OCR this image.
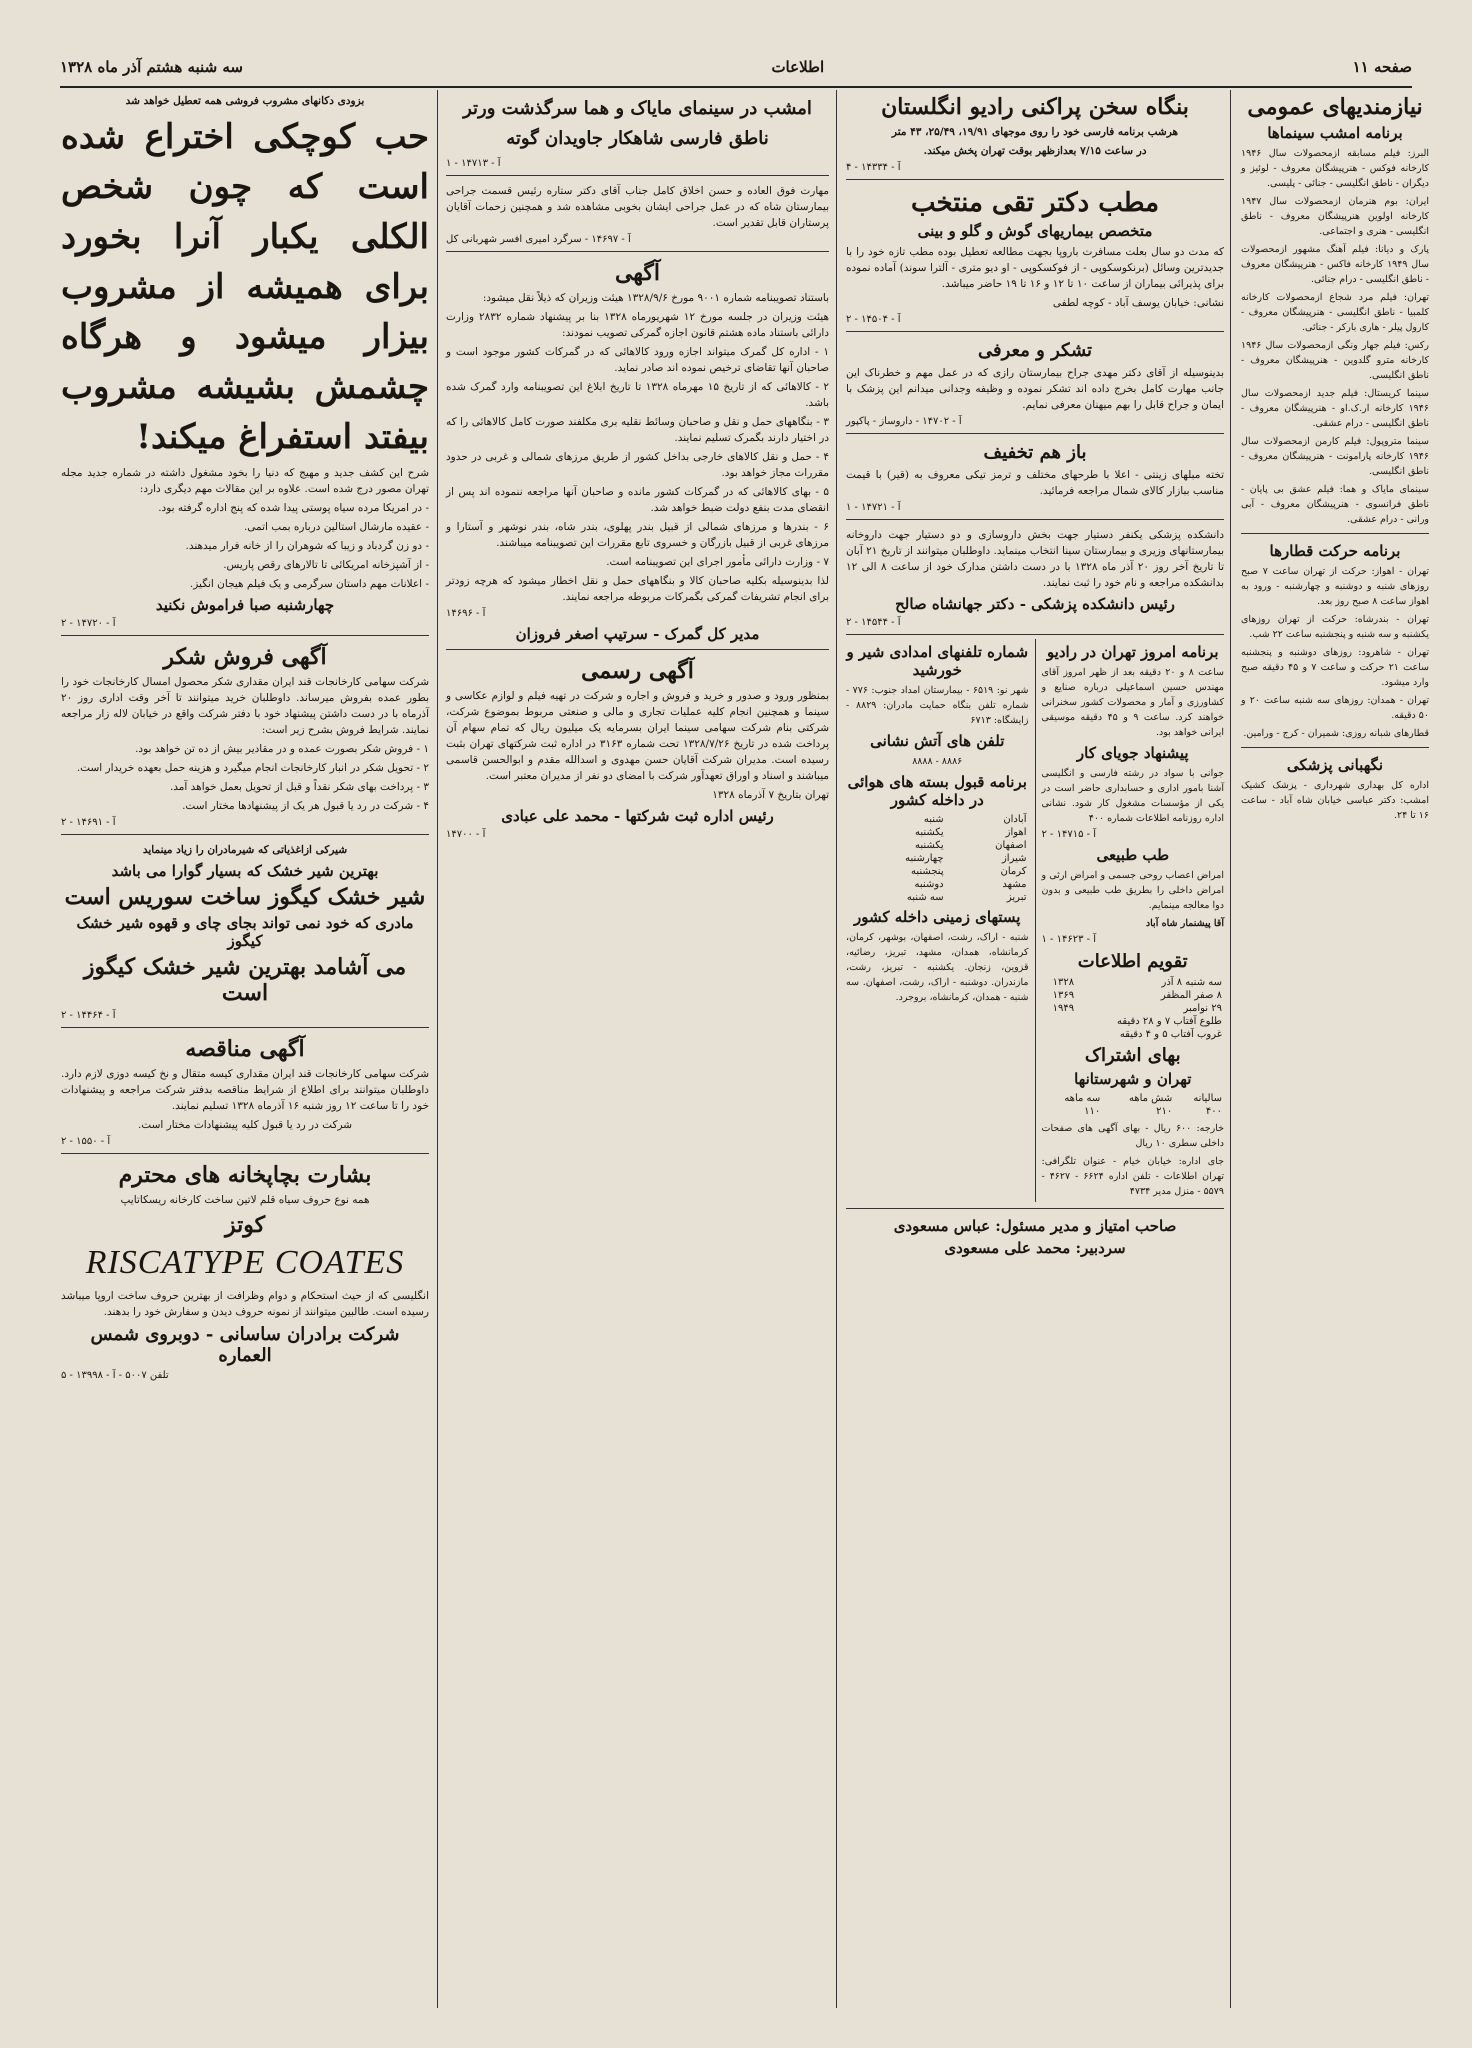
صفحه ۱۱
اطلاعات
سه شنبه هشتم آذر ماه ۱۳۲۸
نیازمندیهای عمومی
برنامه امشب سینماها
البرز: فیلم مسابقه ازمحصولات سال ۱۹۴۶ کارخانه فوکس - هنرپیشگان معروف - لوئیز و دیگران - ناطق انگلیسی - جنائی - پلیسی.
ایران: بوم هنرمان ازمحصولات سال ۱۹۴۷ کارخانه اولوین هنرپیشگان معروف - ناطق انگلیسی - هنری و اجتماعی.
پارک و دیانا: فیلم آهنگ مشهور ازمحصولات سال ۱۹۴۹ کارخانه فاکس - هنرپیشگان معروف - ناطق انگلیسی - درام جنائی.
تهران: فیلم مرد شجاع ازمحصولات کارخانه کلمبیا - ناطق انگلیسی - هنرپیشگان معروف - کارول پیلر - هاری بارکر - جنائی.
رکس: فیلم جهار ونگی ازمحصولات سال ۱۹۴۶ کارخانه مترو گلدوین - هنرپیشگان معروف - ناطق انگلیسی.
سینما کریستال: فیلم جدید ازمحصولات سال ۱۹۴۶ کارخانه ار.ک.او - هنرپیشگان معروف - ناطق انگلیسی - درام عشقی.
سینما متروپول: فیلم کارمن ازمحصولات سال ۱۹۴۶ کارخانه پارامونت - هنرپیشگان معروف - ناطق انگلیسی.
سینمای مایاک و هما: فیلم عشق بی پایان - ناطق فرانسوی - هنرپیشگان معروف - آبی ورانی - درام عشقی.
برنامه حرکت قطارها
تهران - اهواز: حرکت از تهران ساعت ۷ صبح روزهای شنبه و دوشنبه و چهارشنبه - ورود به اهواز ساعت ۸ صبح روز بعد.
تهران - بندرشاه: حرکت از تهران روزهای یکشنبه و سه شنبه و پنجشنبه ساعت ۲۲ شب.
تهران - شاهرود: روزهای دوشنبه و پنجشنبه ساعت ۲۱ حرکت و ساعت ۷ و ۴۵ دقیقه صبح وارد میشود.
تهران - همدان: روزهای سه شنبه ساعت ۲۰ و ۵۰ دقیقه.
قطارهای شبانه روزی: شمیران - کرج - ورامین.
نگهبانی پزشکی
اداره کل بهداری شهرداری - پزشک کشیک امشب: دکتر عباسی خیابان شاه آباد - ساعت ۱۶ تا ۲۴.
بنگاه سخن پراکنی رادیو انگلستان
هرشب برنامه فارسی خود را روی موجهای ۱۹/۹۱، ۲۵/۴۹، ۴۳ متر
در ساعت ۷/۱۵ بعدازظهر بوقت تهران پخش میکند.
آ - ۱۴۳۳۴ - ۴
مطب دکتر تقی منتخب
متخصص بیماریهای گوش و گلو و بینی
که مدت دو سال بعلت مسافرت باروپا بجهت مطالعه تعطیل بوده مطب تازه خود را با جدیدترین وسائل (برنکوسکوپی - از فوکسکوپی - او دیو متری - آلترا سوند) آماده نموده برای پذیرائی بیماران از ساعت ۱۰ تا ۱۲ و ۱۶ تا ۱۹ حاضر میباشد.
نشانی: خیابان یوسف آباد - کوچه لطفی
آ - ۱۴۵۰۴ - ۲
تشکر و معرفی
بدینوسیله از آقای دکتر مهدی جراح بیمارستان رازی که در عمل مهم و خطرناک این جانب مهارت کامل بخرج داده اند تشکر نموده و وظیفه وجدانی میدانم این پزشک با ایمان و جراح قابل را بهم میهنان معرفی نمایم.
آ - ۱۴۷۰۲ - داروساز - پاکپور
باز هم تخفیف
تخته مبلهای زینتی - اعلا با طرحهای مختلف و ترمز تیکی معروف به (قیر) با قیمت مناسب ببازار کالای شمال مراجعه فرمائید.
آ - ۱۴۷۲۱ - ۱
دانشکده پزشکی یکنفر دستیار جهت بخش داروسازی و دو دستیار جهت داروخانه بیمارستانهای وزیری و بیمارستان سینا انتخاب مینماید. داوطلبان میتوانند از تاریخ ۲۱ آبان تا تاریخ آخر روز ۲۰ آذر ماه ۱۳۲۸ با در دست داشتن مدارک خود از ساعت ۸ الی ۱۲ بدانشکده مراجعه و نام خود را ثبت نمایند.
رئیس دانشکده پزشکی - دکتر جهانشاه صالح
آ - ۱۴۵۴۴ - ۲
برنامه امروز تهران در رادیو
ساعت ۸ و ۲۰ دقیقه بعد از ظهر امروز آقای مهندس حسین اسماعیلی درباره صنایع و کشاورزی و آمار و محصولات کشور سخنرانی خواهند کرد. ساعت ۹ و ۴۵ دقیقه موسیقی ایرانی خواهد بود.
پیشنهاد جویای کار
جوانی با سواد در رشته فارسی و انگلیسی آشنا بامور اداری و حسابداری حاضر است در یکی از مؤسسات مشغول کار شود. نشانی اداره روزنامه اطلاعات شماره ۴۰۰
آ - ۱۴۷۱۵ - ۲
طب طبیعی
امراض اعصاب روحی جسمی و امراض ارثی و امراض داخلی را بطریق طب طبیعی و بدون دوا معالجه مینمایم.
آقا پیشنمار شاه آباد
آ - ۱۴۶۲۳ - ۱
تقویم اطلاعات
سه شنبه ۸ آذر	۱۳۲۸
۸ صفر المظفر	۱۳۶۹
۲۹ نوامبر	۱۹۴۹
طلوع آفتاب ۷ و ۲۸ دقیقه	
غروب آفتاب ۵ و ۴ دقیقه	
بهای اشتراک
تهران و شهرستانها
سالیانه	شش ماهه	سه ماهه
۴۰۰	۲۱۰	۱۱۰
خارجه: ۶۰۰ ریال - بهای آگهی های صفحات داخلی سطری ۱۰ ریال
جای اداره: خیابان خیام - عنوان تلگرافی: تهران اطلاعات - تلفن اداره ۶۶۲۴ - ۴۶۲۷ - ۵۵۷۹ - منزل مدیر ۴۷۳۴
شماره تلفنهای امدادی شیر و خورشید
شهر نو: ۶۵۱۹ - بیمارستان امداد جنوب: ۷۷۶ - شماره تلفن بنگاه حمایت مادران: ۸۸۲۹ - زایشگاه: ۶۷۱۳
تلفن های آتش نشانی
۸۸۸۶ - ۸۸۸۸
برنامه قبول بسته های هوائی در داخله کشور
آبادان	شنبه
اهواز	یکشنبه
اصفهان	یکشنبه
شیراز	چهارشنبه
کرمان	پنجشنبه
مشهد	دوشنبه
تبریز	سه شنبه
پستهای زمینی داخله کشور
شنبه - اراک، رشت، اصفهان، بوشهر، کرمان، کرمانشاه، همدان، مشهد، تبریز، رضائیه، قزوین، زنجان. یکشنبه - تبریز، رشت، مازندران. دوشنبه - اراک، رشت، اصفهان. سه شنبه - همدان، کرمانشاه، بروجرد.
صاحب امتیاز و مدیر مسئول: عباس مسعودی
سردبیر: محمد علی مسعودی
امشب در سینمای مایاک و هما سرگذشت ورتر ناطق فارسی شاهکار جاویدان گوته
آ - ۱۴۷۱۳ - ۱
مهارت فوق العاده و حسن اخلاق کامل جناب آقای دکتر ستاره رئیس قسمت جراحی بیمارستان شاه که در عمل جراحی ایشان بخوبی مشاهده شد و همچنین زحمات آقایان پرستاران قابل تقدیر است.
آ - ۱۴۶۹۷ - سرگرد امیری افسر شهربانی کل
آگهی
باستناد تصویبنامه شماره ۹۰۰۱ مورخ ۱۳۲۸/۹/۶ هیئت وزیران که ذیلاً نقل میشود:
هیئت وزیران در جلسه مورخ ۱۲ شهریورماه ۱۳۲۸ بنا بر پیشنهاد شماره ۲۸۳۲ وزارت دارائی باستناد ماده هشتم قانون اجازه گمرکی تصویب نمودند:
۱ - اداره کل گمرک میتواند اجازه ورود کالاهائی که در گمرکات کشور موجود است و صاحبان آنها تقاضای ترخیص نموده اند صادر نماید.
۲ - کالاهائی که از تاریخ ۱۵ مهرماه ۱۳۲۸ تا تاریخ ابلاغ این تصویبنامه وارد گمرک شده باشد.
۳ - بنگاههای حمل و نقل و صاحبان وسائط نقلیه بری مکلفند صورت کامل کالاهائی را که در اختیار دارند بگمرک تسلیم نمایند.
۴ - حمل و نقل کالاهای خارجی بداخل کشور از طریق مرزهای شمالی و غربی در حدود مقررات مجاز خواهد بود.
۵ - بهای کالاهائی که در گمرکات کشور مانده و صاحبان آنها مراجعه ننموده اند پس از انقضای مدت بنفع دولت ضبط خواهد شد.
۶ - بندرها و مرزهای شمالی از قبیل بندر پهلوی، بندر شاه، بندر نوشهر و آستارا و مرزهای غربی از قبیل بازرگان و خسروی تابع مقررات این تصویبنامه میباشند.
۷ - وزارت دارائی مأمور اجرای این تصویبنامه است.
لذا بدینوسیله بکلیه صاحبان کالا و بنگاههای حمل و نقل اخطار میشود که هرچه زودتر برای انجام تشریفات گمرکی بگمرکات مربوطه مراجعه نمایند.
آ - ۱۴۶۹۶
مدیر کل گمرک - سرتیپ اصغر فروزان
آگهی رسمی
بمنظور ورود و صدور و خرید و فروش و اجاره و شرکت در تهیه فیلم و لوازم عکاسی و سینما و همچنین انجام کلیه عملیات تجاری و مالی و صنعتی مربوط بموضوع شرکت، شرکتی بنام شرکت سهامی سینما ایران بسرمایه یک میلیون ریال که تمام سهام آن پرداخت شده در تاریخ ۱۳۲۸/۷/۲۶ تحت شماره ۳۱۶۳ در اداره ثبت شرکتهای تهران بثبت رسیده است. مدیران شرکت آقایان حسن مهدوی و اسدالله مقدم و ابوالحسن قاسمی میباشند و اسناد و اوراق تعهدآور شرکت با امضای دو نفر از مدیران معتبر است.
تهران بتاریخ ۷ آذرماه ۱۳۲۸
رئیس اداره ثبت شرکتها - محمد علی عبادی
آ - ۱۴۷۰۰
بزودی دکانهای مشروب فروشی همه تعطیل خواهد شد
حب کوچکی اختراع شده است که چون شخص الکلی یکبار آنرا بخورد برای همیشه از مشروب بیزار میشود و هرگاه چشمش بشیشه مشروب بیفتد استفراغ میکند!
شرح این کشف جدید و مهیج که دنیا را بخود مشغول داشته در شماره جدید مجله تهران مصور درج شده است. علاوه بر این مقالات مهم دیگری دارد:
- در امریکا مرده سیاه پوستی پیدا شده که پنج اداره گرفته بود.
- عقیده مارشال استالین درباره بمب اتمی.
- دو زن گردباد و زیبا که شوهران را از خانه فرار میدهند.
- از آشپزخانه امریکائی تا تالارهای رقص پاریس.
- اعلانات مهم داستان سرگرمی و یک فیلم هیجان انگیز.
چهارشنبه صبا فراموش نکنید
آ - ۱۴۷۲۰ - ۲
آگهی فروش شکر
شرکت سهامی کارخانجات قند ایران مقداری شکر محصول امسال کارخانجات خود را بطور عمده بفروش میرساند. داوطلبان خرید میتوانند تا آخر وقت اداری روز ۲۰ آذرماه با در دست داشتن پیشنهاد خود با دفتر شرکت واقع در خیابان لاله زار مراجعه نمایند. شرایط فروش بشرح زیر است:
۱ - فروش شکر بصورت عمده و در مقادیر بیش از ده تن خواهد بود.
۲ - تحویل شکر در انبار کارخانجات انجام میگیرد و هزینه حمل بعهده خریدار است.
۳ - پرداخت بهای شکر نقداً و قبل از تحویل بعمل خواهد آمد.
۴ - شرکت در رد یا قبول هر یک از پیشنهادها مختار است.
آ - ۱۴۶۹۱ - ۲
شیرکی ازاغذیاتی که شیرمادران را زیاد مینماید
بهترین شیر خشک که بسیار گوارا می باشد
شیر خشک کیگوز ساخت سوریس است
مادری که خود نمی تواند بجای چای و قهوه شیر خشک کیگوز
می آشامد بهترین شیر خشک کیگوز است
آ - ۱۴۴۶۴ - ۲
آگهی مناقصه
شرکت سهامی کارخانجات قند ایران مقداری کیسه متقال و نخ کیسه دوزی لازم دارد. داوطلبان میتوانند برای اطلاع از شرایط مناقصه بدفتر شرکت مراجعه و پیشنهادات خود را تا ساعت ۱۲ روز شنبه ۱۶ آذرماه ۱۳۲۸ تسلیم نمایند.
شرکت در رد یا قبول کلیه پیشنهادات مختار است.
آ - ۱۵۵۰ - ۲
بشارت بچاپخانه های محترم
همه نوع حروف سیاه قلم لاتین ساخت کارخانه ریسکاتایپ
کوتز
RISCATYPE COATES
انگلیسی که از حیث استحکام و دوام وظرافت از بهترین حروف ساخت اروپا میباشد رسیده است. طالبین میتوانند از نمونه حروف دیدن و سفارش خود را بدهند.
شرکت برادران ساسانی - دوبروی شمس العماره
تلفن ۵۰۰۷ - آ - ۱۳۹۹۸ - ۵
